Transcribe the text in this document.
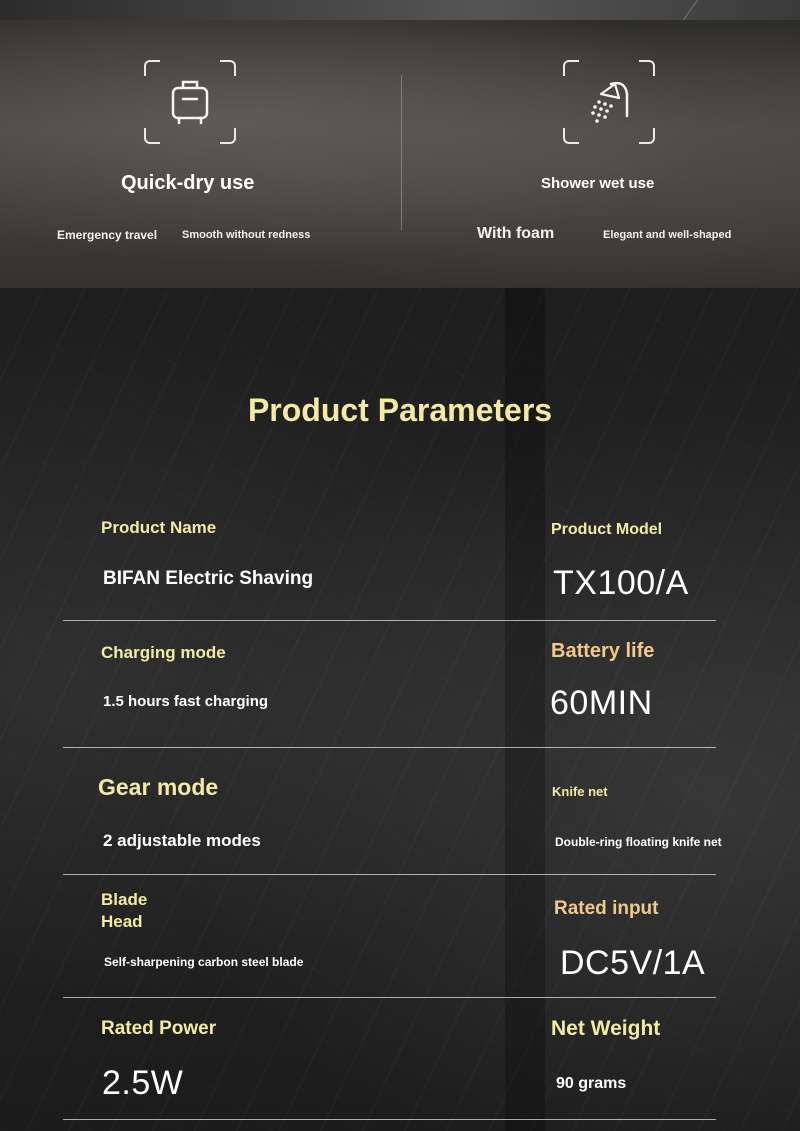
Quick-dry use
Emergency travel Smooth without redness
Shower wet use
With foam	Elegant and well-shaped
Product Parameters
Product Name
BIFAN Electric Shaving
Product Model
TX100/A
Charging mode
1.5 hours fast charging
Battery life
60MIN
Gear mode
2 adjustable modes
Knife net
Double-ring floating knife net
Blade
Head
Self-sharpening carbon steel blade
Rated input
DC5V/1A
Rated Power
2.5W
Net Weight
90 grams
